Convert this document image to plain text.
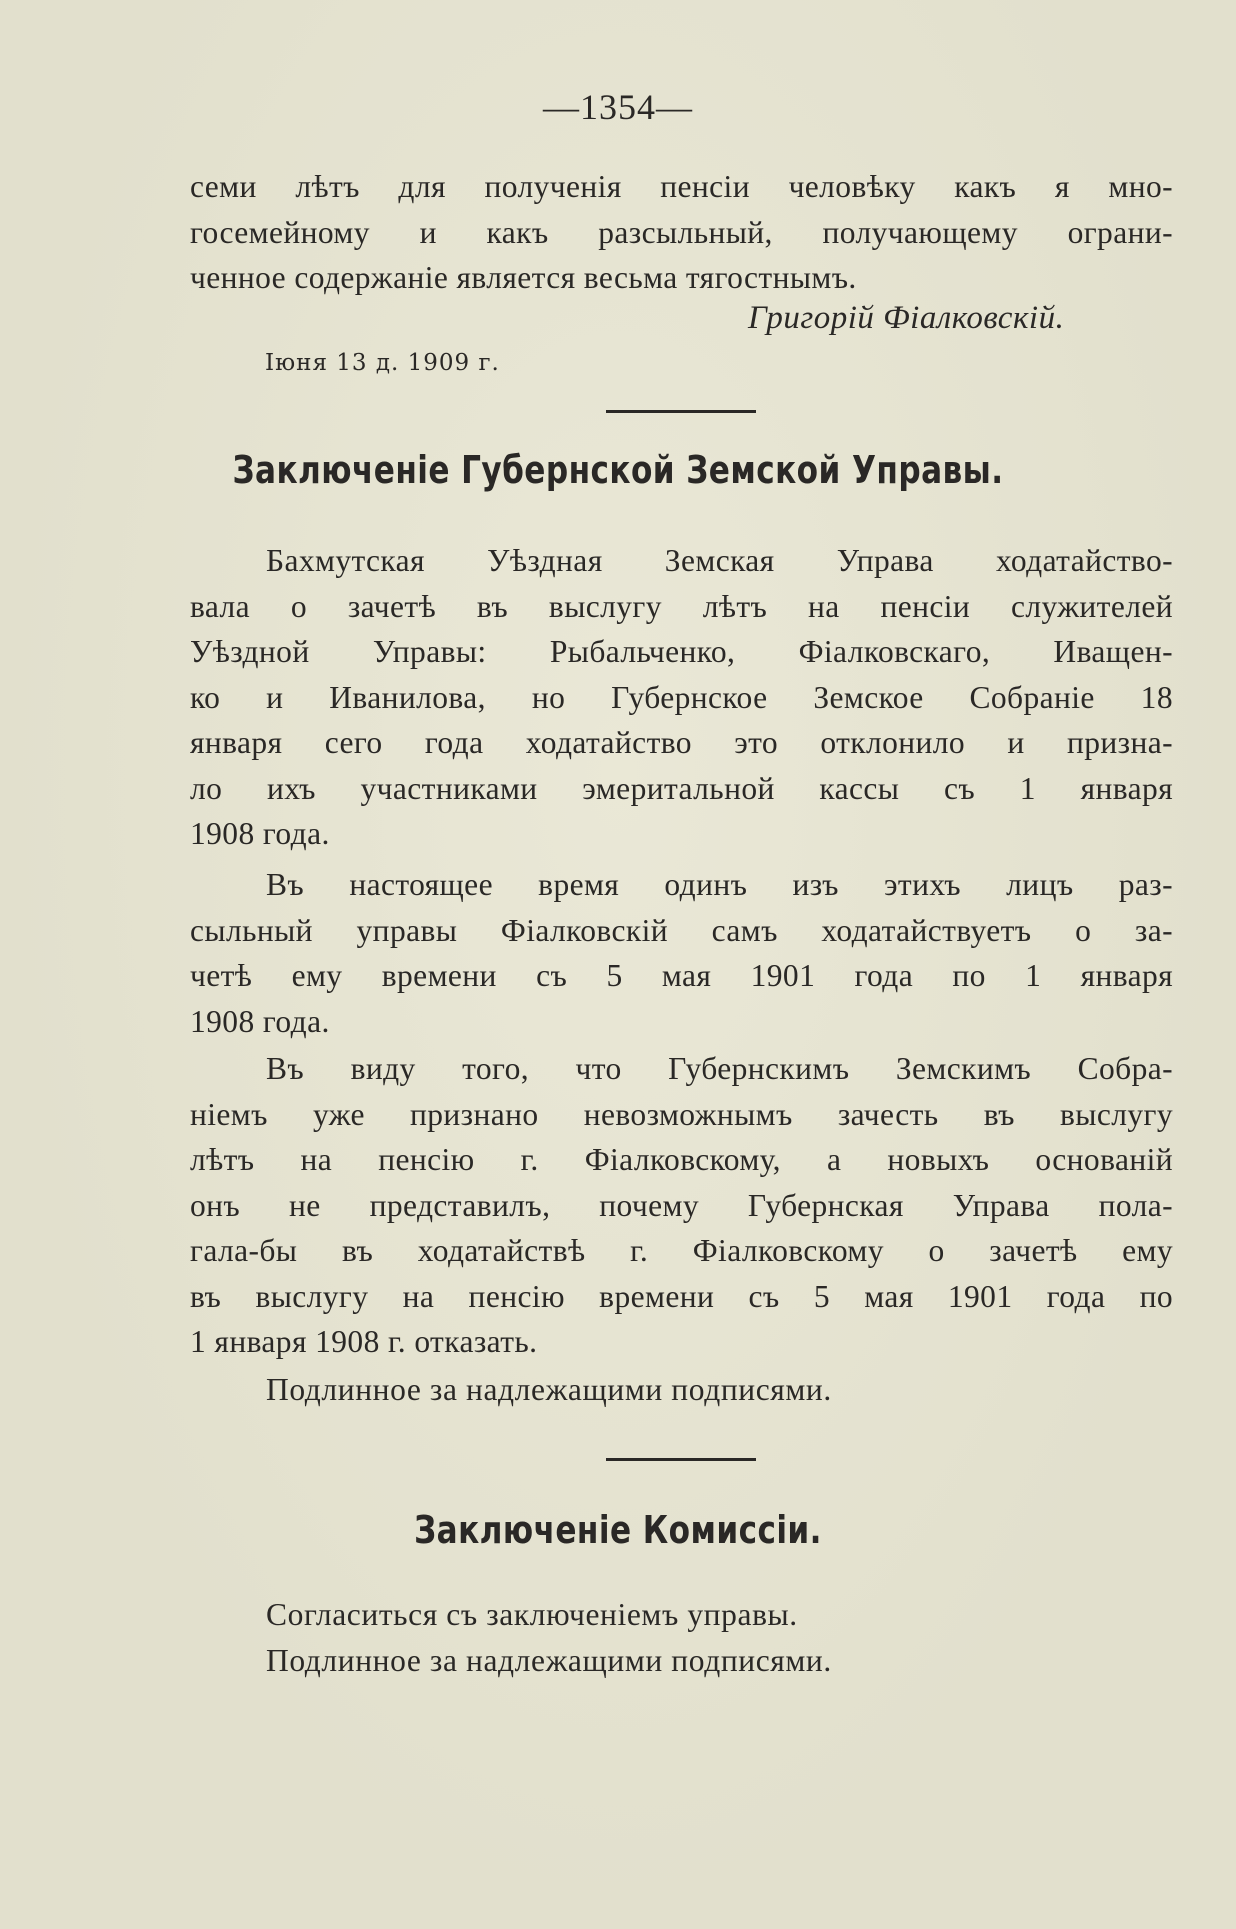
—1354—
семи лѣтъ для полученія пенсіи человѣку какъ я мно-
госемейному и какъ разсыльный, получающему ограни-
ченное содержаніе является весьма тягостнымъ.
Григорій Фіалковскій.
Іюня 13 д. 1909 г.
Заключеніе Губернской Земской Управы.
Бахмутская Уѣздная Земская Управа ходатайство-
вала о зачетѣ въ выслугу лѣтъ на пенсіи служителей
Уѣздной Управы: Рыбальченко, Фіалковскаго, Иващен-
ко и Иванилова, но Губернское Земское Собраніе 18
января сего года ходатайство это отклонило и призна-
ло ихъ участниками эмеритальной кассы съ 1 января
1908 года.
Въ настоящее время одинъ изъ этихъ лицъ раз-
сыльный управы Фіалковскій самъ ходатайствуетъ о за-
четѣ ему времени съ 5 мая 1901 года по 1 января
1908 года.
Въ виду того, что Губернскимъ Земскимъ Собра-
ніемъ уже признано невозможнымъ зачесть въ выслугу
лѣтъ на пенсію г. Фіалковскому, а новыхъ основаній
онъ не представилъ, почему Губернская Управа пола-
гала-бы въ ходатайствѣ г. Фіалковскому о зачетѣ ему
въ выслугу на пенсію времени съ 5 мая 1901 года по
1 января 1908 г. отказать.
Подлинное за надлежащими подписями.
Заключеніе Комиссіи.
Согласиться съ заключеніемъ управы.
Подлинное за надлежащими подписями.
